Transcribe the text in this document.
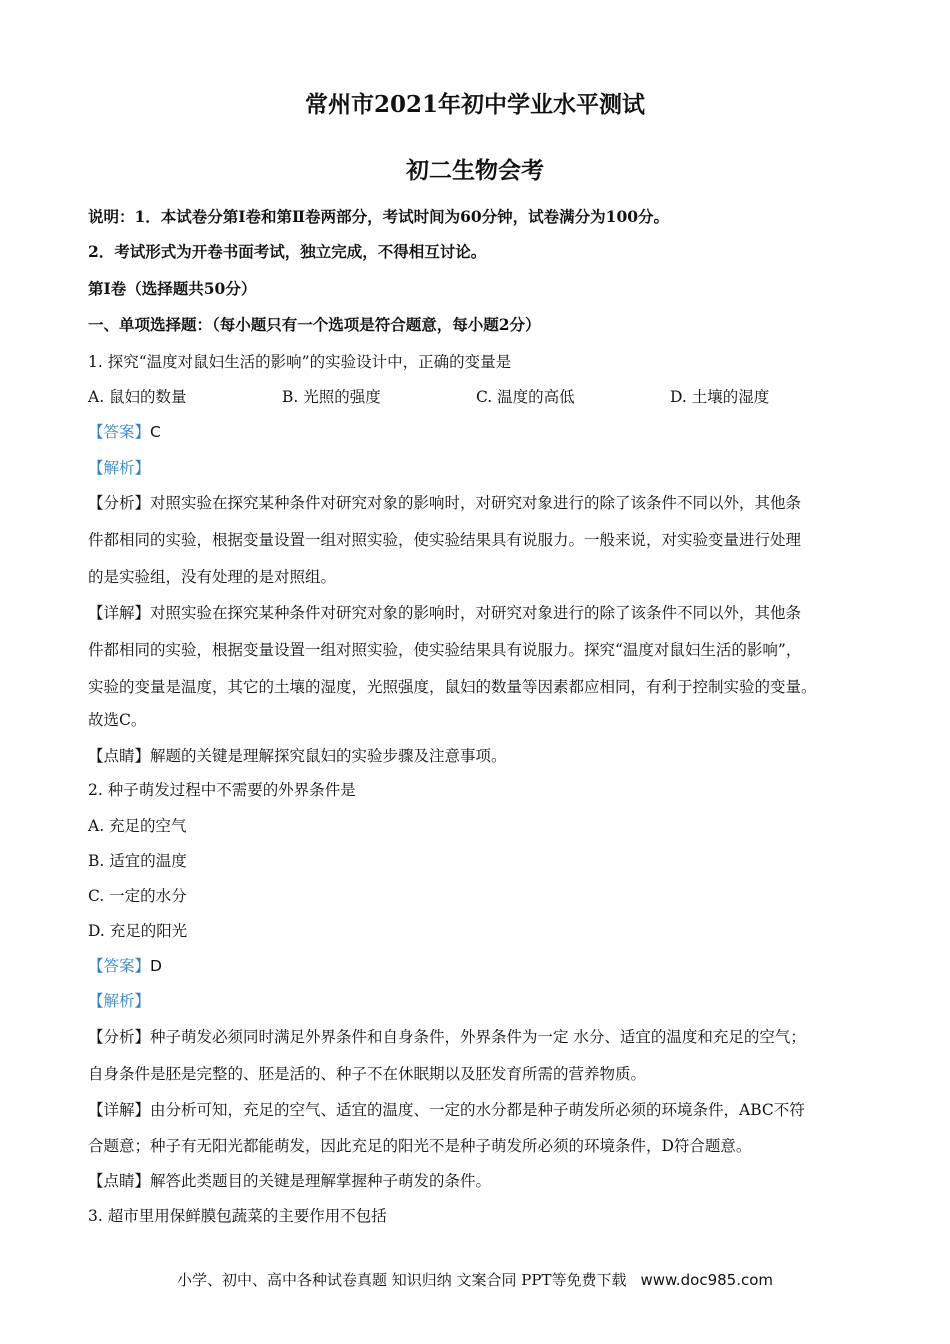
常州市2021年初中学业水平测试
初二生物会考
说明：1．本试卷分第Ⅰ卷和第Ⅱ卷两部分，考试时间为60分钟，试卷满分为100分。
2．考试形式为开卷书面考试，独立完成，不得相互讨论。
第Ⅰ卷（选择题共50分）
一、单项选择题：（每小题只有一个选项是符合题意，每小题2分）
1. 探究“温度对鼠妇生活的影响”的实验设计中，正确的变量是
A. 鼠妇的数量	B. 光照的强度	C. 温度的高低	D. 土壤的湿度
【答案】C
【解析】
【分析】对照实验在探究某种条件对研究对象的影响时，对研究对象进行的除了该条件不同以外，其他条
件都相同的实验，根据变量设置一组对照实验，使实验结果具有说服力。一般来说，对实验变量进行处理
的是实验组，没有处理的是对照组。
【详解】对照实验在探究某种条件对研究对象的影响时，对研究对象进行的除了该条件不同以外，其他条
件都相同的实验，根据变量设置一组对照实验，使实验结果具有说服力。探究“温度对鼠妇生活的影响”，
实验的变量是温度，其它的土壤的湿度，光照强度，鼠妇的数量等因素都应相同，有利于控制实验的变量。
故选C。
【点睛】解题的关键是理解探究鼠妇的实验步骤及注意事项。
2. 种子萌发过程中不需要的外界条件是
A. 充足的空气
B. 适宜的温度
C. 一定的水分
D. 充足的阳光
【答案】D
【解析】
【分析】种子萌发必须同时满足外界条件和自身条件，外界条件为一定 水分、适宜的温度和充足的空气；
自身条件是胚是完整的、胚是活的、种子不在休眠期以及胚发育所需的营养物质。
【详解】由分析可知，充足的空气、适宜的温度、一定的水分都是种子萌发所必须的环境条件，ABC不符
合题意；种子有无阳光都能萌发，因此充足的阳光不是种子萌发所必须的环境条件，D符合题意。
【点睛】解答此类题目的关键是理解掌握种子萌发的条件。
3. 超市里用保鲜膜包蔬菜的主要作用不包括
小学、初中、高中各种试卷真题 知识归纳 文案合同 PPT等免费下载 www.doc985.com
